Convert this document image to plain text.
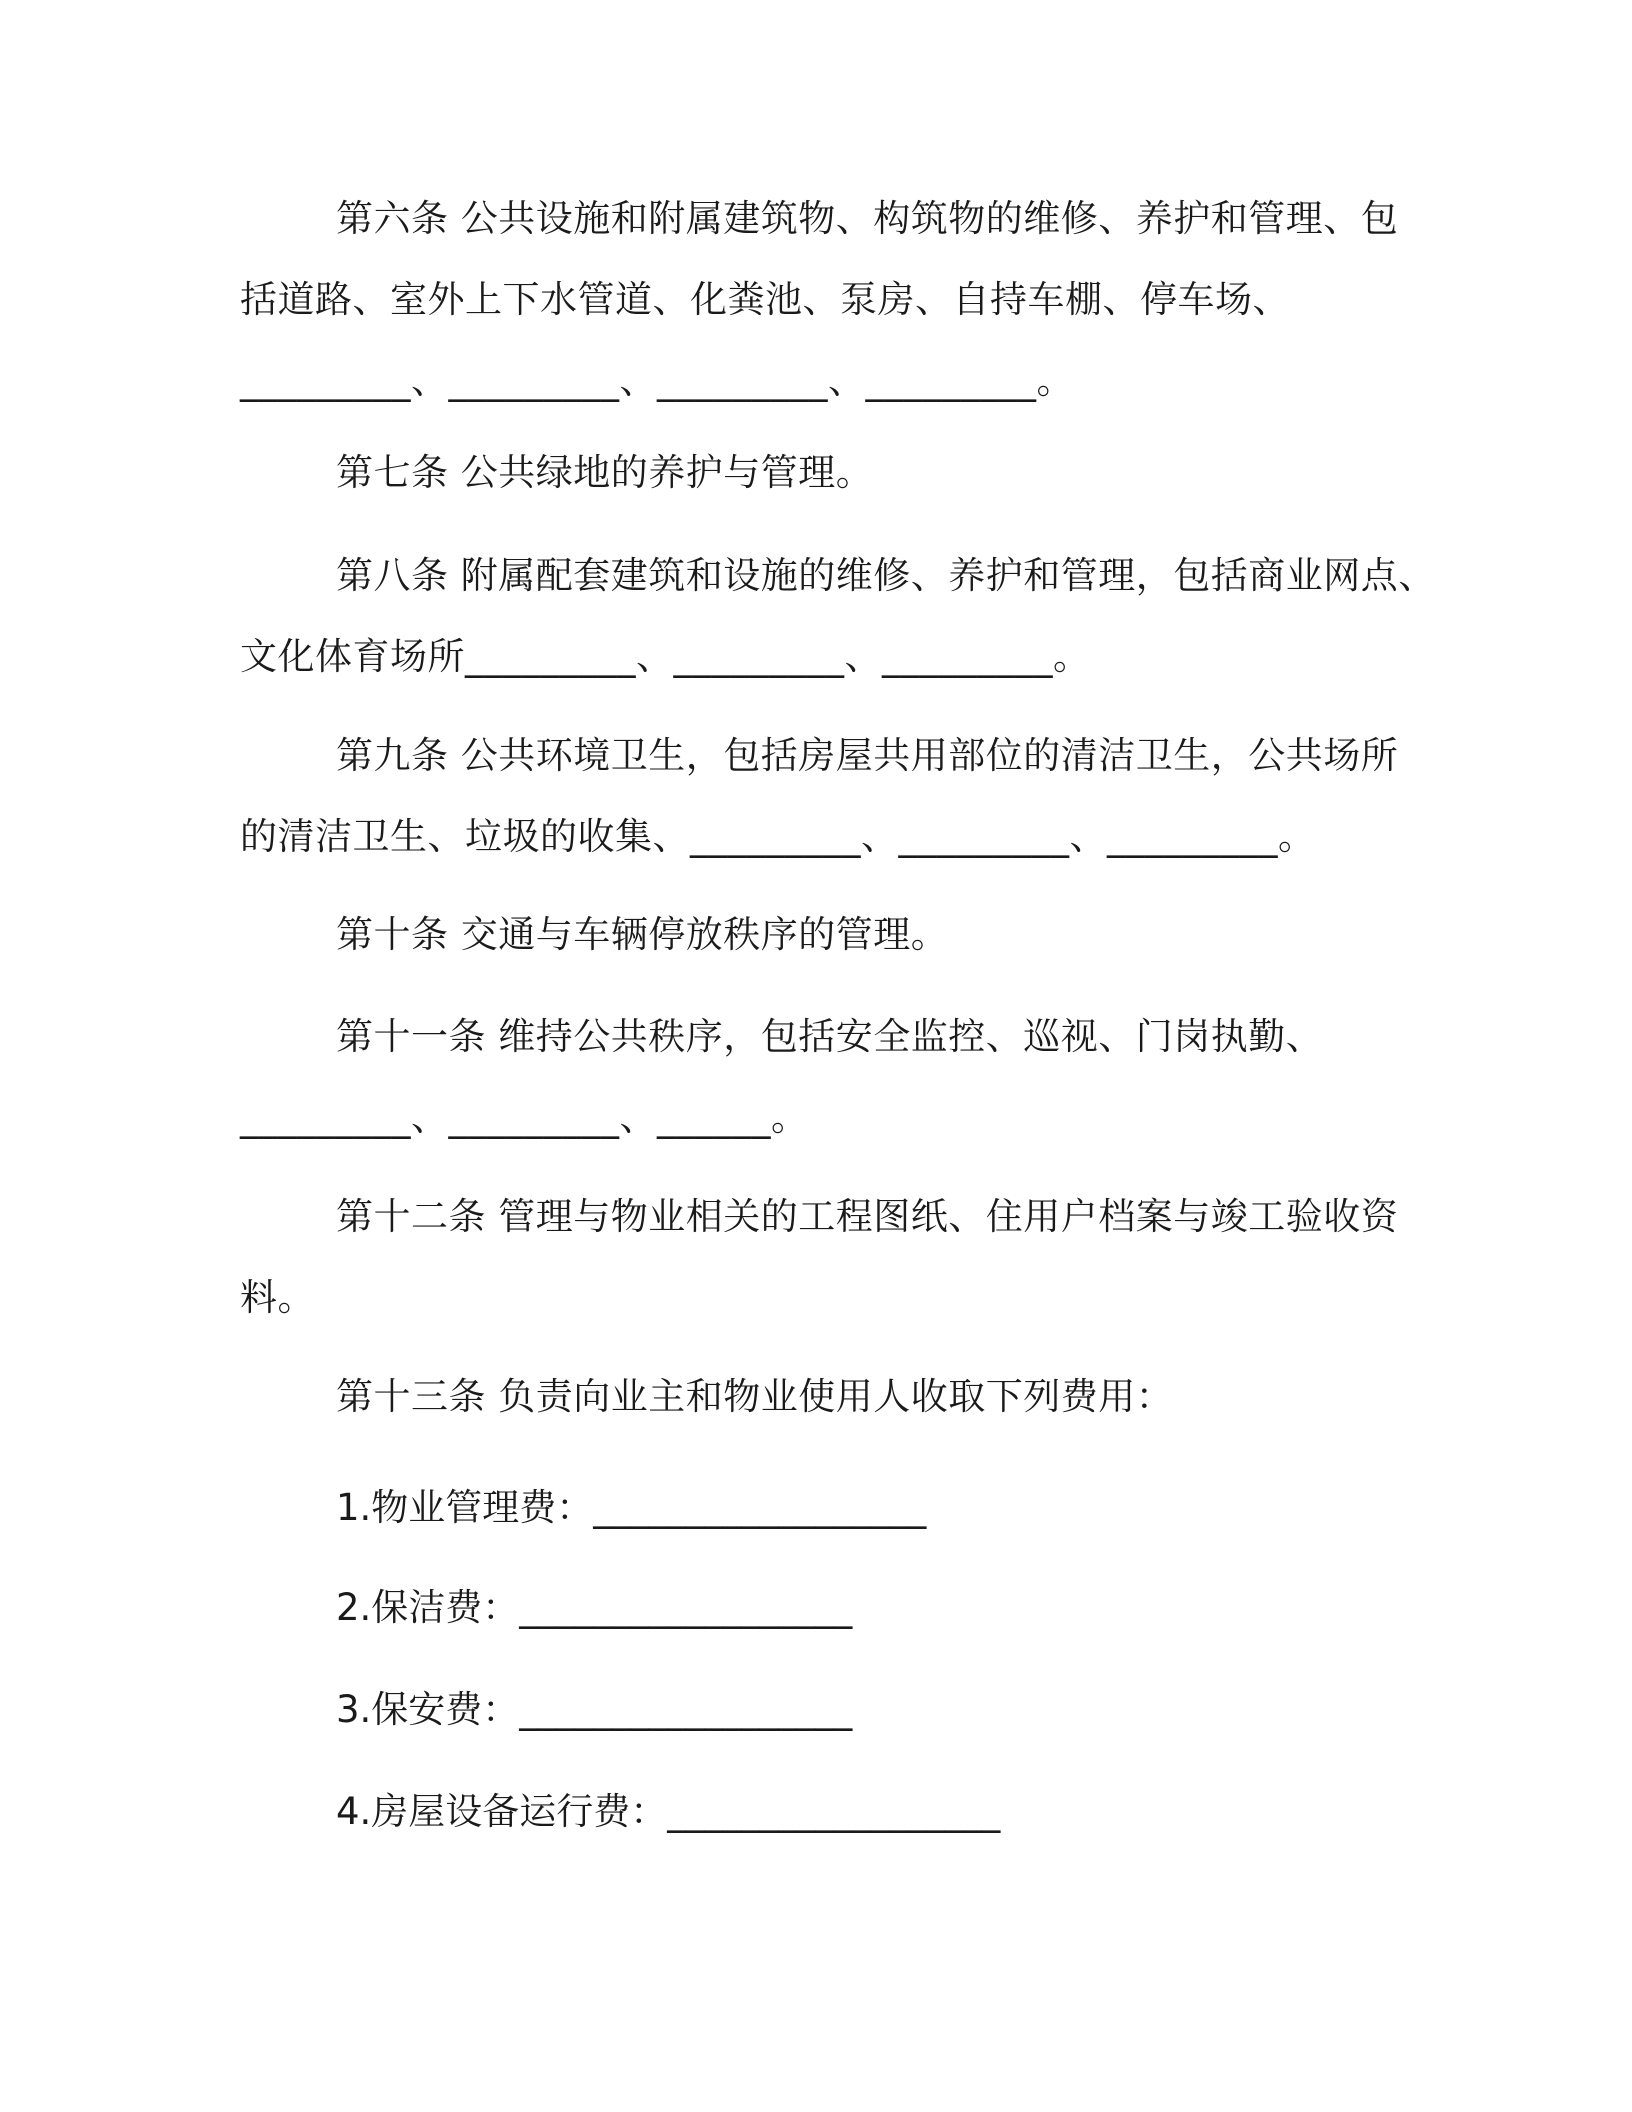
第六条 公共设施和附属建筑物、构筑物的维修、养护和管理、包
括道路、室外上下水管道、化粪池、泵房、自持车棚、停车场、
_________、_________、_________、_________。
第七条 公共绿地的养护与管理。
第八条 附属配套建筑和设施的维修、养护和管理，包括商业网点、
文化体育场所_________、_________、_________。
第九条 公共环境卫生，包括房屋共用部位的清洁卫生，公共场所
的清洁卫生、垃圾的收集、_________、_________、_________。
第十条 交通与车辆停放秩序的管理。
第十一条 维持公共秩序，包括安全监控、巡视、门岗执勤、
_________、_________、______。
第十二条 管理与物业相关的工程图纸、住用户档案与竣工验收资
料。
第十三条 负责向业主和物业使用人收取下列费用：

1.物业管理费：__________________

2.保洁费：__________________

3.保安费：__________________

4.房屋设备运行费：__________________
